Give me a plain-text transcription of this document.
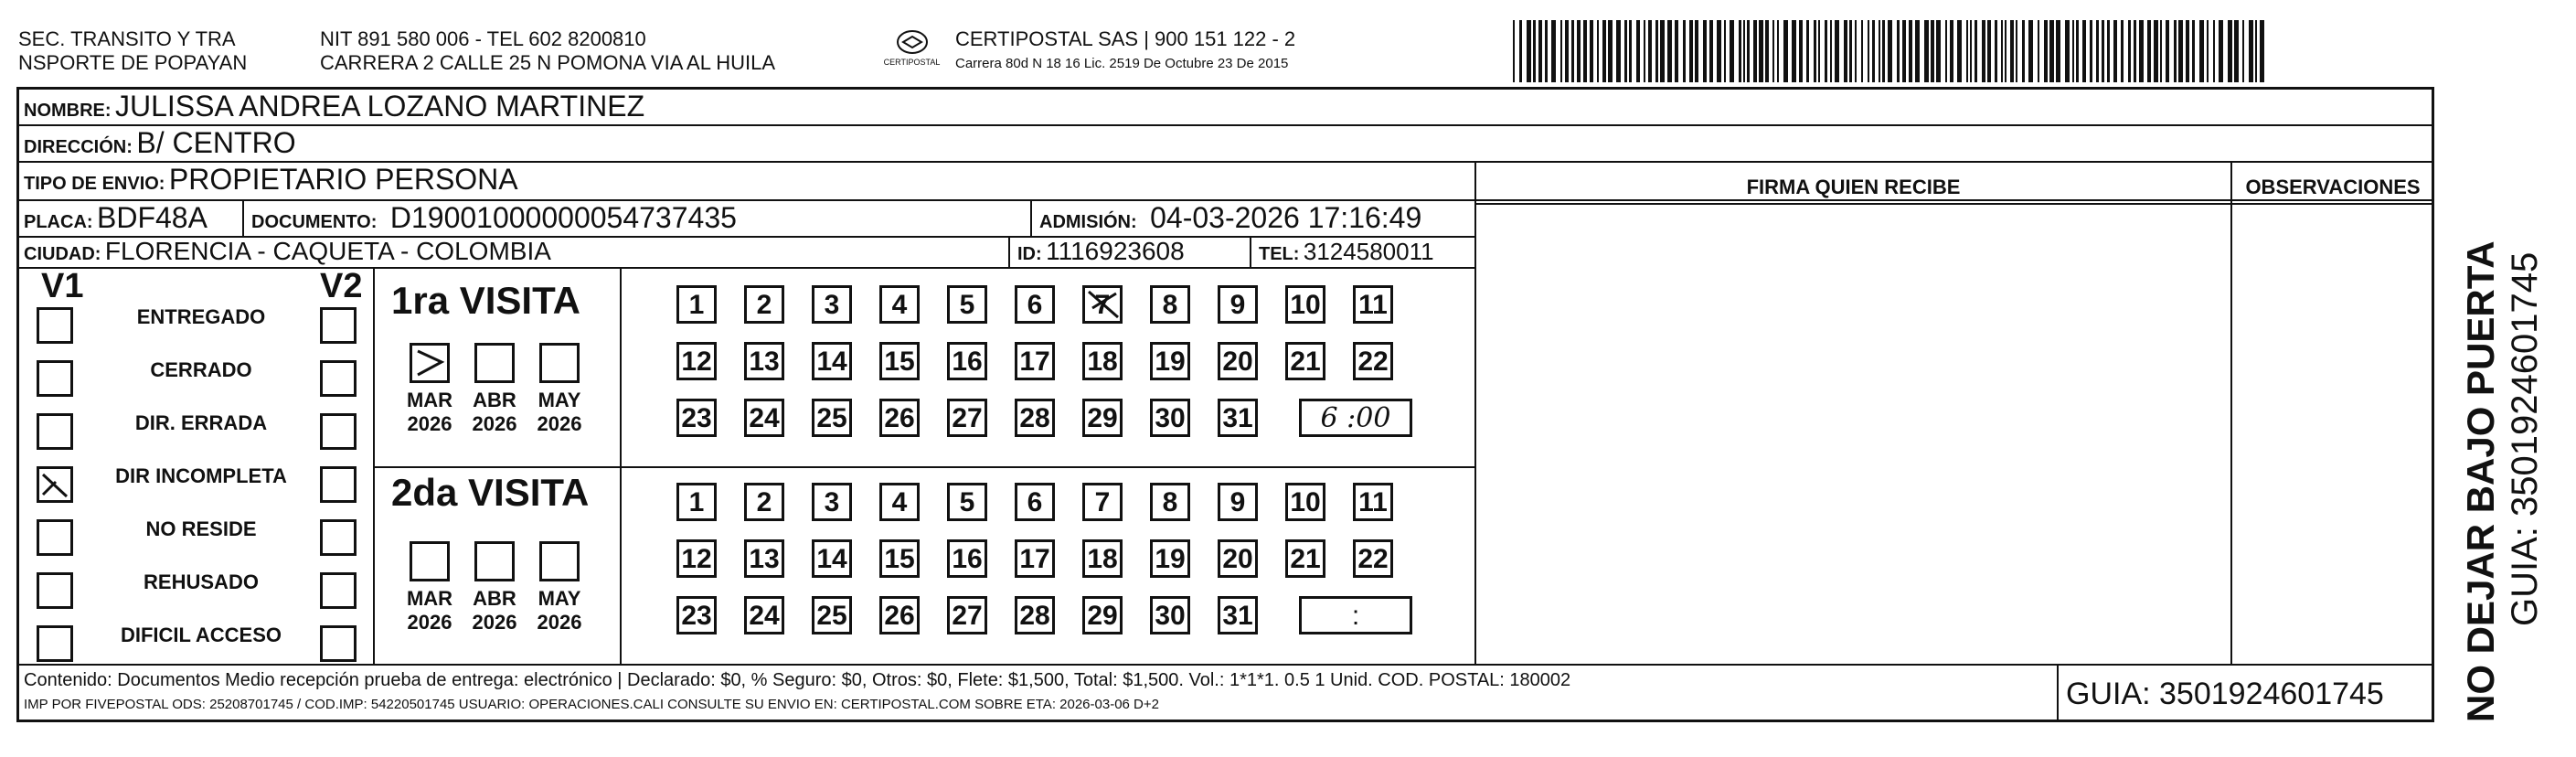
SEC. TRANSITO Y TRA
NSPORTE DE POPAYAN
NIT 891 580 006 - TEL 602 8200810
CARRERA 2 CALLE 25 N POMONA VIA AL HUILA	CERTIPOSTAL
CERTIPOSTAL SAS | 900 151 122 - 2
Carrera 80d N 18 16 Lic. 2519 De Octubre 23 De 2015
NOMBRE: JULISSA ANDREA LOZANO MARTINEZ
DIRECCIÓN: B/ CENTRO
TIPO DE ENVIO: PROPIETARIO PERSONA
PLACA: BDF48A DOCUMENTO: D19001000000054737435	ADMISIÓN: 04-03-2026 17:16:49
CIUDAD: FLORENCIA - CAQUETA - COLOMBIA	ID: 1116923608	TEL: 3124580011
FIRMA QUIEN RECIBE	OBSERVACIONES
V1	V2 1ra VISITA
2da VISITA
Contenido: Documentos Medio recepción prueba de entrega: electrónico | Declarado: $0, % Seguro: $0, Otros: $0, Flete: $1,500, Total: $1,500. Vol.: 1*1*1. 0.5 1 Unid. COD. POSTAL: 180002
IMP POR FIVEPOSTAL ODS: 25208701745 / COD.IMP: 54220501745 USUARIO: OPERACIONES.CALI CONSULTE SU ENVIO EN: CERTIPOSTAL.COM SOBRE ETA: 2026-03-06 D+2	GUIA: 3501924601745 NO DEJAR BAJO PUERTA GUIA: 3501924601745
ENTREGADO
CERRADO
DIR. ERRADA
DIR INCOMPLETA
NO RESIDE
REHUSADO
DIFICIL ACCESO
MAR
2026
ABR
2026
MAY
2026
MAR
2026
ABR
2026
MAY
2026
1	2	3	4	5	6	7	8	9	10 11
12 13 14 15 16 17 18 19 20 21 22
23 24 25 26 27 28 29 30 31	6 :00
1	2	3	4	5	6	7	8	9	10 11
12 13 14 15 16 17 18 19 20 21 22
23 24 25 26 27 28 29 30 31	:
